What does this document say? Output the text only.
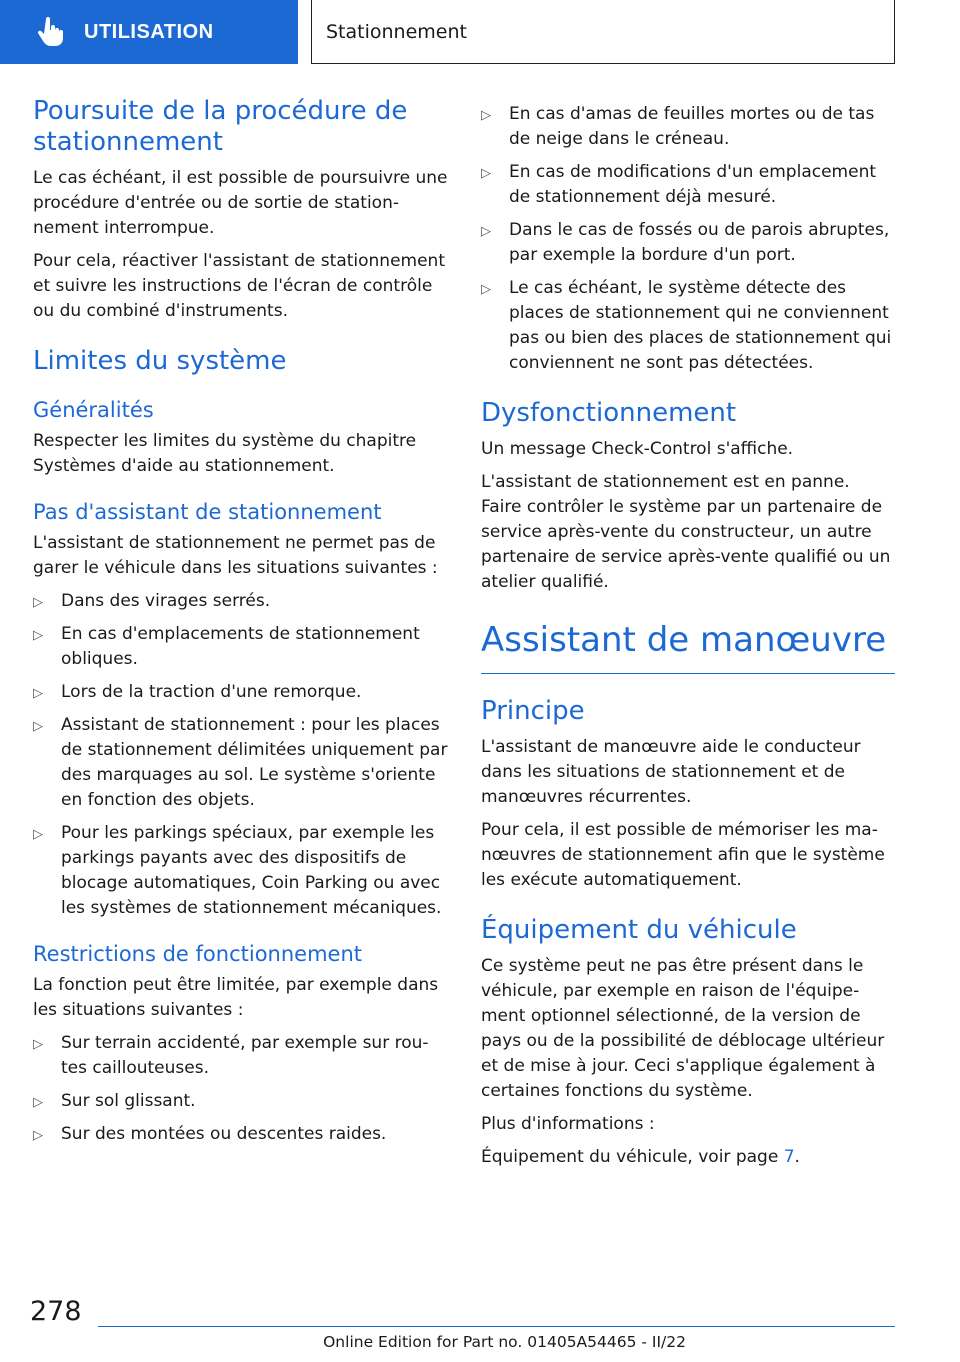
UTILISATION	Stationnement
Poursuite de la procédure de stationnement

Le cas échéant, il est possible de poursuivre une procédure d'entrée ou de sortie de stationnement interrompue.

Pour cela, réactiver l'assistant de stationnement et suivre les instructions de l'écran de contrôle ou du combiné d'instruments.

Limites du système
Généralités

Respecter les limites du système du chapitre Systèmes d'aide au stationnement.

Pas d'assistant de stationnement

L'assistant de stationnement ne permet pas de garer le véhicule dans les situations suivantes :

▷ Dans des virages serrés.
▷ En cas d'emplacements de stationnement obliques.
▷ Lors de la traction d'une remorque.
▷ Assistant de stationnement : pour les places de stationnement délimitées uniquement par des marquages au sol. Le système s'oriente en fonction des objets.
▷ Pour les parkings spéciaux, par exemple les parkings payants avec des dispositifs de blocage automatiques, Coin Parking ou avec les systèmes de stationnement mécaniques.
Restrictions de fonctionnement

La fonction peut être limitée, par exemple dans les situations suivantes :

▷ Sur terrain accidenté, par exemple sur routes caillouteuses.
▷ Sur sol glissant.
▷ Sur des montées ou descentes raides.
▷ En cas d'amas de feuilles mortes ou de tas de neige dans le créneau.
▷ En cas de modifications d'un emplacement de stationnement déjà mesuré.
▷ Dans le cas de fossés ou de parois abruptes, par exemple la bordure d'un port.
▷ Le cas échéant, le système détecte des places de stationnement qui ne conviennent pas ou bien des places de stationnement qui conviennent ne sont pas détectées.
Dysfonctionnement

Un message Check-Control s'affiche.

L'assistant de stationnement est en panne. Faire contrôler le système par un partenaire de service après-vente du constructeur, un autre partenaire de service après-vente qualifié ou un atelier qualifié.

Assistant de manœuvre
Principe

L'assistant de manœuvre aide le conducteur dans les situations de stationnement et de manœuvres récurrentes.

Pour cela, il est possible de mémoriser les manœuvres de stationnement afin que le système les exécute automatiquement.

Équipement du véhicule

Ce système peut ne pas être présent dans le véhicule, par exemple en raison de l'équipement optionnel sélectionné, de la version de pays ou de la possibilité de déblocage ultérieur et de mise à jour. Ceci s'applique également à certaines fonctions du système.

Plus d'informations :

Équipement du véhicule, voir page 7.

278
Online Edition for Part no. 01405A54465 - II/22
